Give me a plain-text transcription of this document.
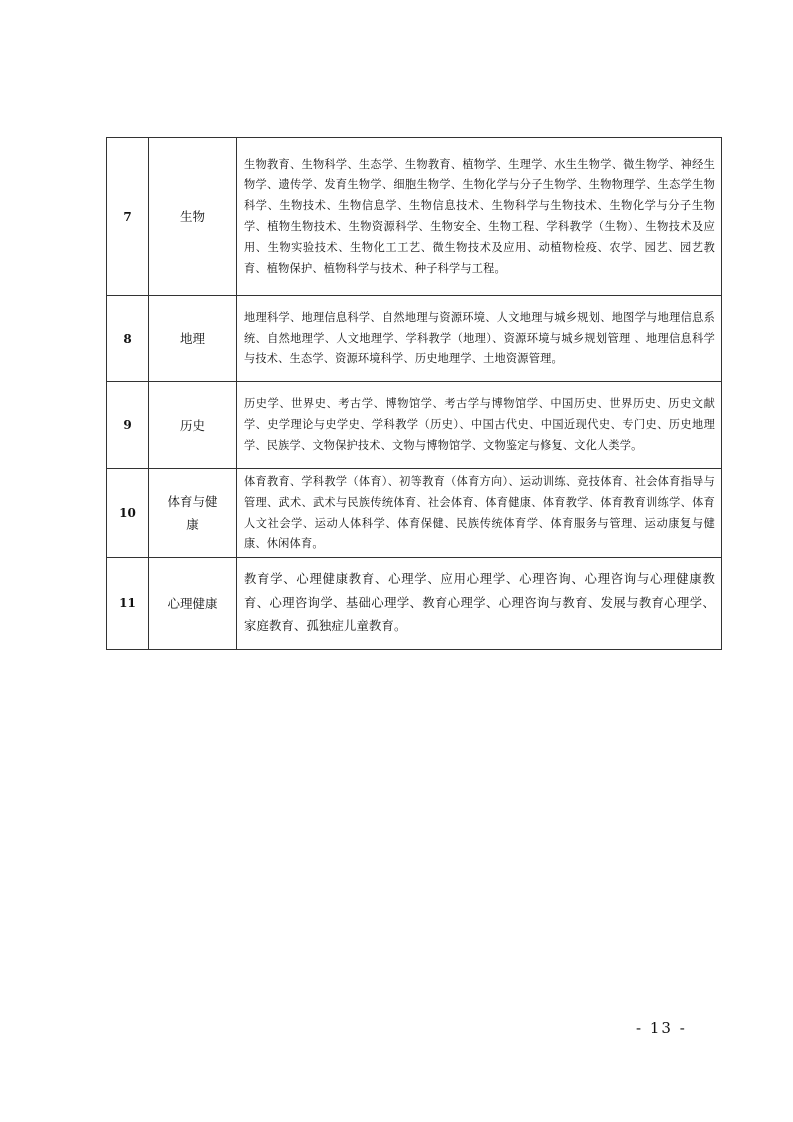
7	生物	生物教育、生物科学、生态学、生物教育、植物学、生理学、水生生物学、微生物学、神经生物学、遗传学、发育生物学、细胞生物学、生物化学与分子生物学、生物物理学、生态学生物科学、生物技术、生物信息学、生物信息技术、生物科学与生物技术、生物化学与分子生物学、植物生物技术、生物资源科学、生物安全、生物工程、学科教学（生物）、生物技术及应用、生物实验技术、生物化工工艺、微生物技术及应用、动植物检疫、农学、园艺、园艺教育、植物保护、植物科学与技术、种子科学与工程。
8	地理	地理科学、地理信息科学、自然地理与资源环境、人文地理与城乡规划、地图学与地理信息系统、自然地理学、人文地理学、学科教学（地理）、资源环境与城乡规划管理 、地理信息科学与技术、生态学、资源环境科学、历史地理学、土地资源管理。
9	历史	历史学、世界史、考古学、博物馆学、考古学与博物馆学、中国历史、世界历史、历史文献学、史学理论与史学史、学科教学（历史）、中国古代史、中国近现代史、专门史、历史地理学、民族学、文物保护技术、文物与博物馆学、文物鉴定与修复、文化人类学。
10	体育与健康	体育教育、学科教学（体育）、初等教育（体育方向）、运动训练、竞技体育、社会体育指导与管理、武术、武术与民族传统体育、社会体育、体育健康、体育教学、体育教育训练学、体育人文社会学、运动人体科学、体育保健、民族传统体育学、体育服务与管理、运动康复与健康、休闲体育。
11	心理健康	教育学、心理健康教育、心理学、应用心理学、心理咨询、心理咨询与心理健康教育、心理咨询学、基础心理学、教育心理学、心理咨询与教育、发展与教育心理学、家庭教育、孤独症儿童教育。
- 13 -
